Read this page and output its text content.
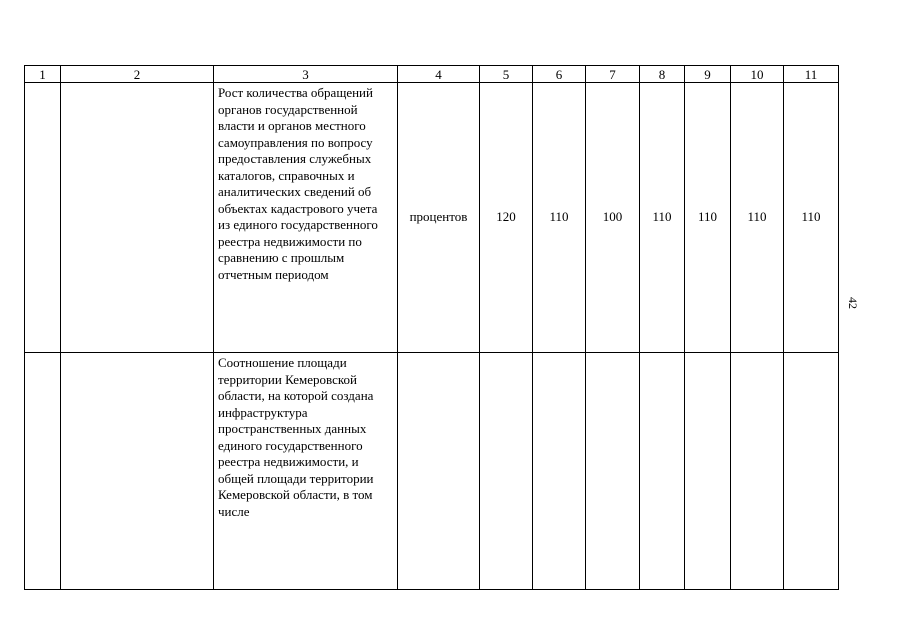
1	2	3	4	5	6	7	8	9	10	11
		Рост количества обращений органов государственной власти и органов местного самоуправления по вопросу предоставления служебных каталогов, справочных и аналитических сведений об объектах кадастрового учета из единого государственного реестра недвижимости по сравнению с прошлым отчетным периодом	процентов	120	110	100	110	110	110	110
		Соотношение площади территории Кемеровской области, на которой создана инфраструктура пространственных данных единого государственного реестра недвижимости, и общей площади территории Кемеровской области, в том числе								
42
